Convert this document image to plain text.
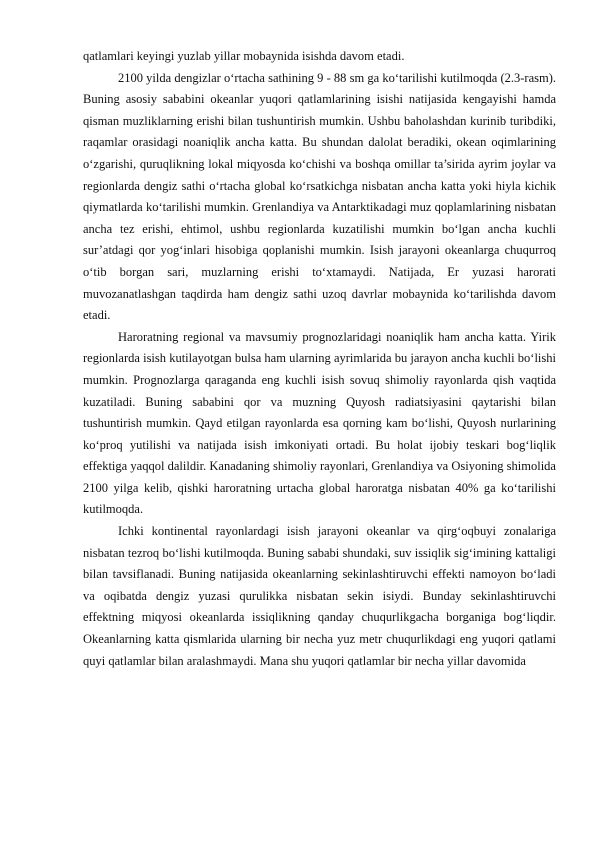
qatlamlari keyingi yuzlab yillar mobaynida isishda davom etadi.

2100 yilda dengizlar o‘rtacha sathining 9 - 88 sm ga ko‘tarilishi kutilmoqda (2.3-rasm). Buning asosiy sababini okeanlar yuqori qatlamlarining isishi natijasida kengayishi hamda qisman muzliklarning erishi bilan tushuntirish mumkin. Ushbu baholashdan kurinib turibdiki, raqamlar orasidagi noaniqlik ancha katta. Bu shundan dalolat beradiki, okean oqimlarining o‘zgarishi, quruqlikning lokal miqyosda ko‘chishi va boshqa omillar ta’sirida ayrim joylar va regionlarda dengiz sathi o‘rtacha global ko‘rsatkichga nisbatan ancha katta yoki hiyla kichik qiymatlarda ko‘tarilishi mumkin. Grenlandiya va Antarktikadagi muz qoplamlarining nisbatan ancha tez erishi, ehtimol, ushbu regionlarda kuzatilishi mumkin bo‘lgan ancha kuchli sur’atdagi qor yog‘inlari hisobiga qoplanishi mumkin. Isish jarayoni okeanlarga chuqurroq o‘tib borgan sari, muzlarning erishi to‘xtamaydi. Natijada, Er yuzasi harorati muvozanatlashgan taqdirda ham dengiz sathi uzoq davrlar mobaynida ko‘tarilishda davom etadi.

Haroratning regional va mavsumiy prognozlaridagi noaniqlik ham ancha katta. Yirik regionlarda isish kutilayotgan bulsa ham ularning ayrimlarida bu jarayon ancha kuchli bo‘lishi mumkin. Prognozlarga qaraganda eng kuchli isish sovuq shimoliy rayonlarda qish vaqtida kuzatiladi. Buning sababini qor va muzning Quyosh radiatsiyasini qaytarishi bilan tushuntirish mumkin. Qayd etilgan rayonlarda esa qorning kam bo‘lishi, Quyosh nurlarining ko‘proq yutilishi va natijada isish imkoniyati ortadi. Bu holat ijobiy teskari bog‘liqlik effektiga yaqqol dalildir. Kanadaning shimoliy rayonlari, Grenlandiya va Osiyoning shimolida 2100 yilga kelib, qishki haroratning urtacha global haroratga nisbatan 40% ga ko‘tarilishi kutilmoqda.

Ichki kontinental rayonlardagi isish jarayoni okeanlar va qirg‘oqbuyi zonalariga nisbatan tezroq bo‘lishi kutilmoqda. Buning sababi shundaki, suv issiqlik sig‘imining kattaligi bilan tavsiflanadi. Buning natijasida okeanlarning sekinlashtiruvchi effekti namoyon bo‘ladi va oqibatda dengiz yuzasi qurulikka nisbatan sekin isiydi. Bunday sekinlashtiruvchi effektning miqyosi okeanlarda issiqlikning qanday chuqurlikgacha borganiga bog‘liqdir. Okeanlarning katta qismlarida ularning bir necha yuz metr chuqurlikdagi eng yuqori qatlami quyi qatlamlar bilan aralashmaydi. Mana shu yuqori qatlamlar bir necha yillar davomida
